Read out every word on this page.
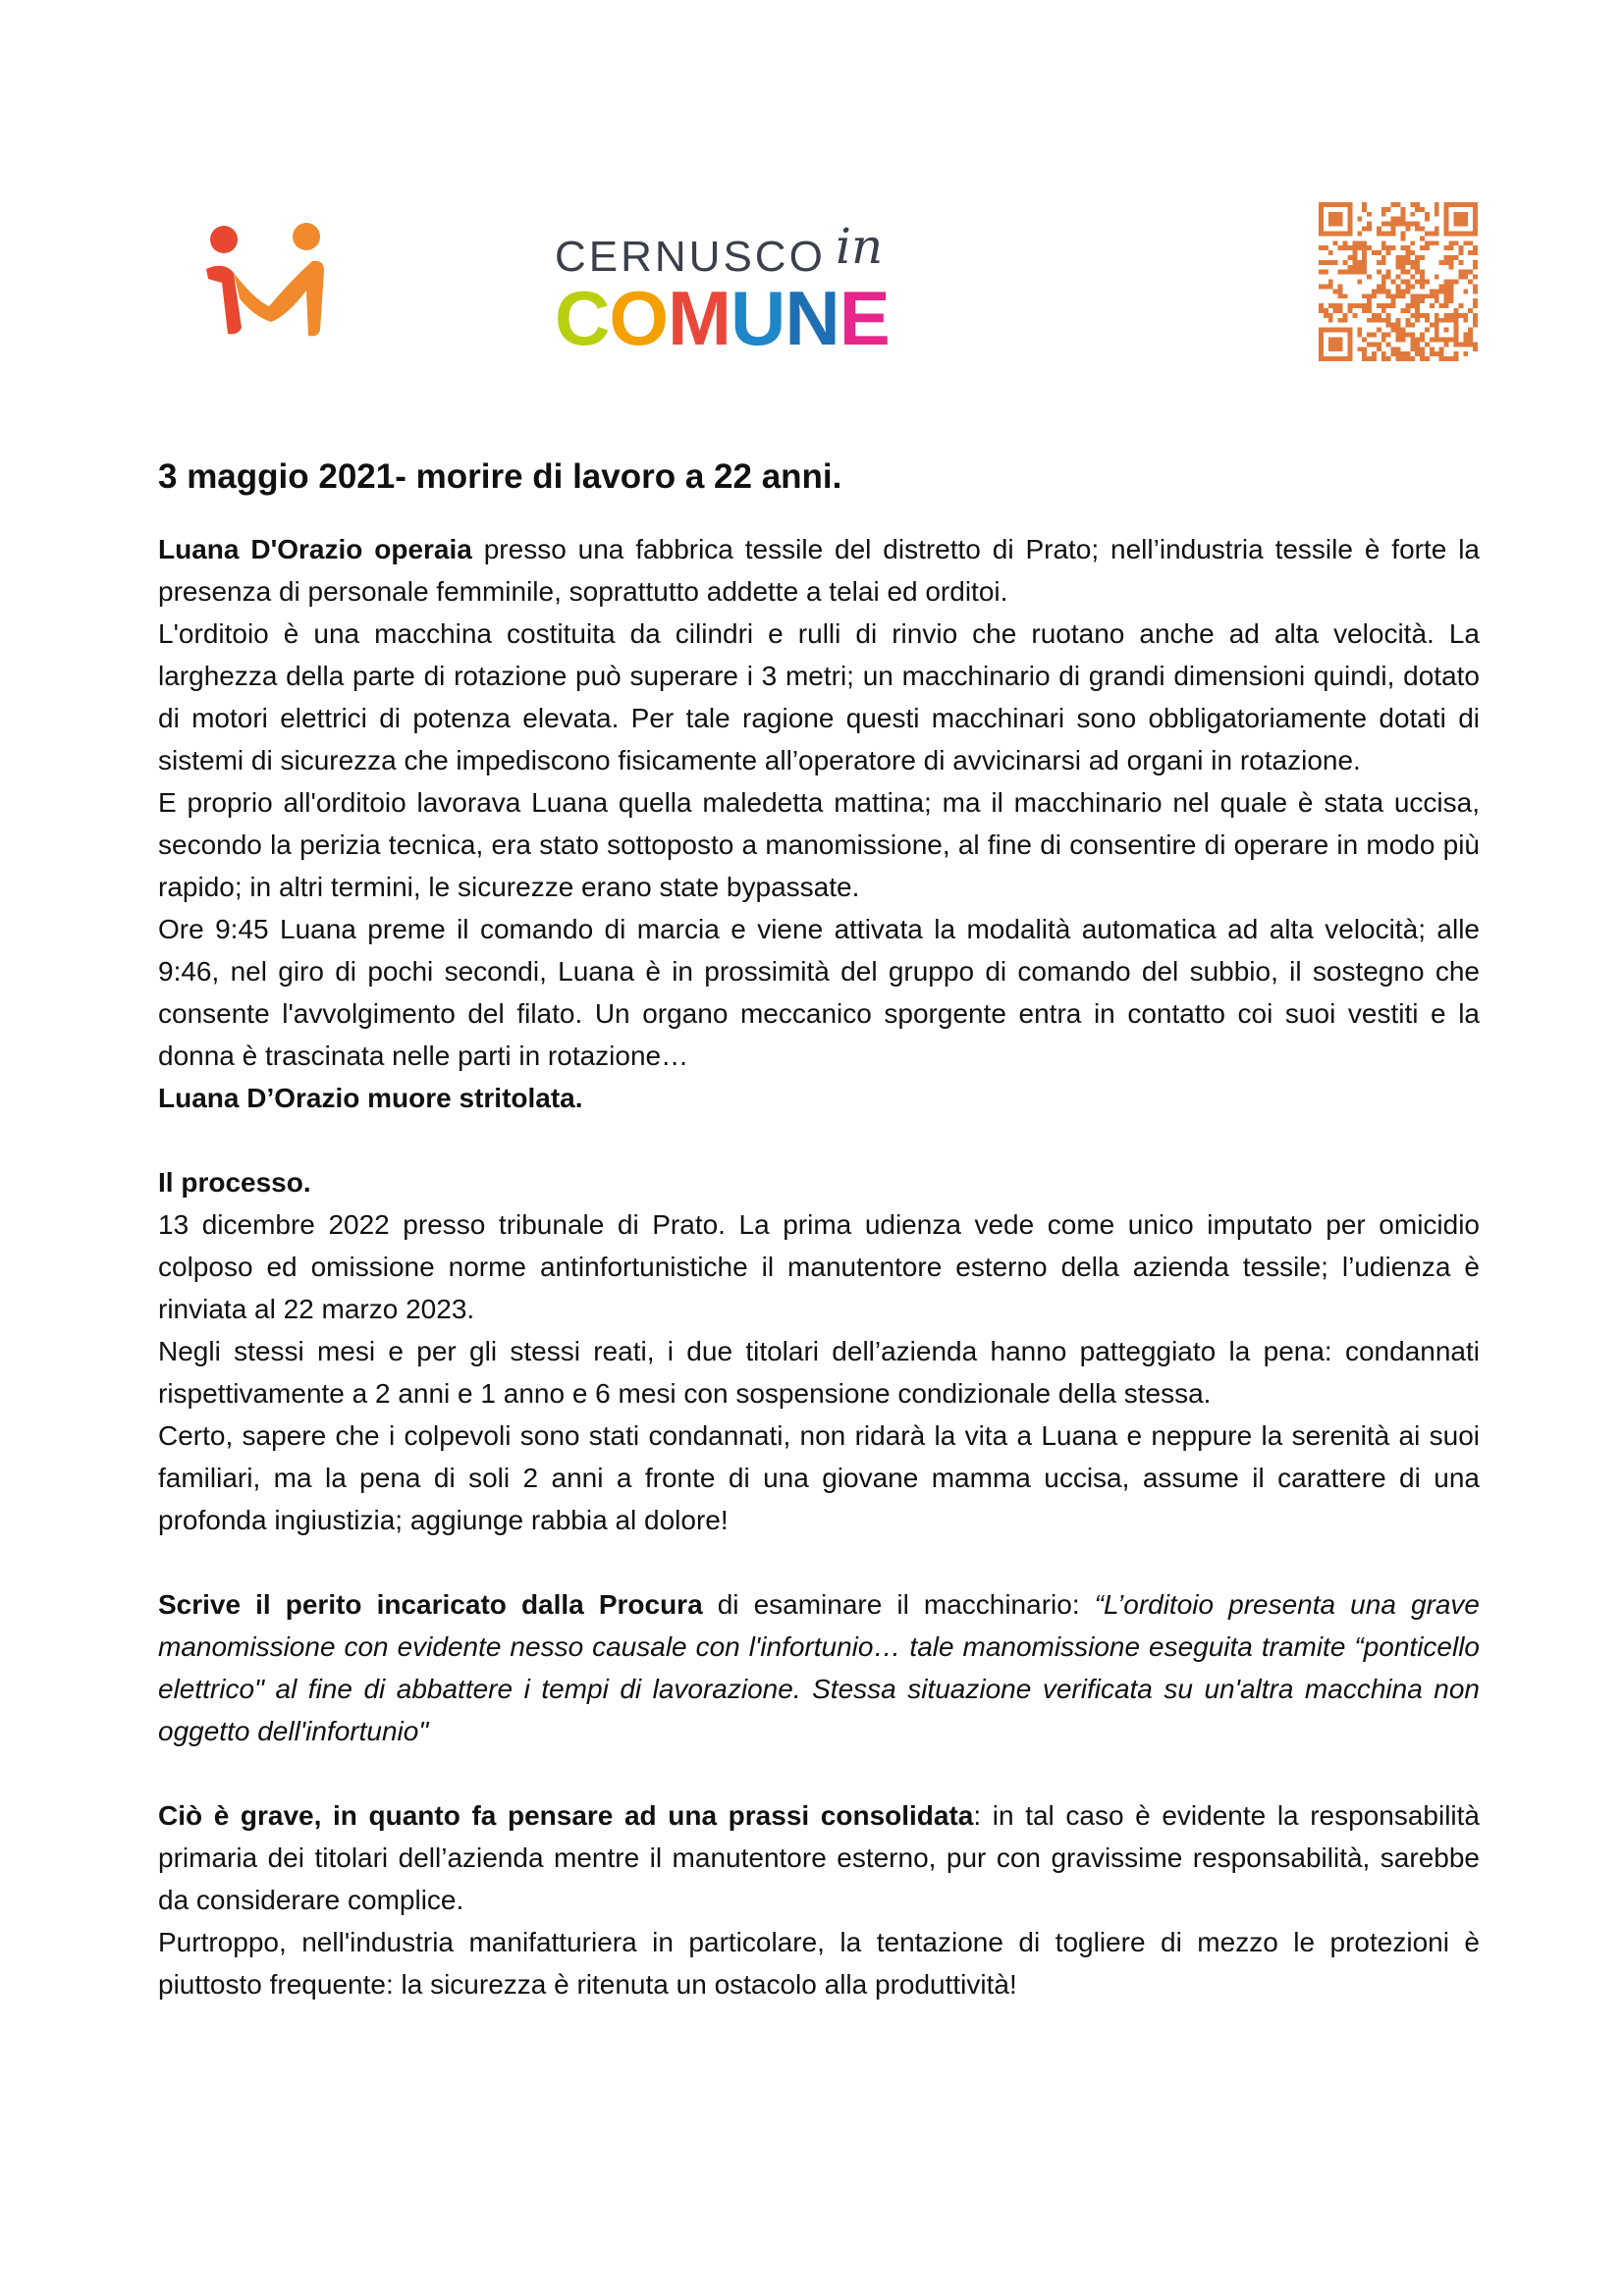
CERNUSCO in
COMUNE
3 maggio 2021- morire di lavoro a 22 anni.

Luana D'Orazio operaia presso una fabbrica tessile del distretto di Prato; nell’industria tessile è forte la presenza di personale femminile, soprattutto addette a telai ed orditoi.

L'orditoio è una macchina costituita da cilindri e rulli di rinvio che ruotano anche ad alta velocità. La larghezza della parte di rotazione può superare i 3 metri; un macchinario di grandi dimensioni quindi, dotato di motori elettrici di potenza elevata. Per tale ragione questi macchinari sono obbligatoriamente dotati di sistemi di sicurezza che impediscono fisicamente all’operatore di avvicinarsi ad organi in rotazione.

E proprio all'orditoio lavorava Luana quella maledetta mattina; ma il macchinario nel quale è stata uccisa, secondo la perizia tecnica, era stato sottoposto a manomissione, al fine di consentire di operare in modo più rapido; in altri termini, le sicurezze erano state bypassate.

Ore 9:45 Luana preme il comando di marcia e viene attivata la modalità automatica ad alta velocità; alle 9:46, nel giro di pochi secondi, Luana è in prossimità del gruppo di comando del subbio, il sostegno che consente l'avvolgimento del filato. Un organo meccanico sporgente entra in contatto coi suoi vestiti e la donna è trascinata nelle parti in rotazione…

Luana D’Orazio muore stritolata.

Il processo.

13 dicembre 2022 presso tribunale di Prato. La prima udienza vede come unico imputato per omicidio colposo ed omissione norme antinfortunistiche il manutentore esterno della azienda tessile; l’udienza è rinviata al 22 marzo 2023.

Negli stessi mesi e per gli stessi reati, i due titolari dell’azienda hanno patteggiato la pena: condannati rispettivamente a 2 anni e 1 anno e 6 mesi con sospensione condizionale della stessa.

Certo, sapere che i colpevoli sono stati condannati, non ridarà la vita a Luana e neppure la serenità ai suoi familiari, ma la pena di soli 2 anni a fronte di una giovane mamma uccisa, assume il carattere di una profonda ingiustizia; aggiunge rabbia al dolore!

Scrive il perito incaricato dalla Procura di esaminare il macchinario: “L’orditoio presenta una grave manomissione con evidente nesso causale con l'infortunio… tale manomissione eseguita tramite “ponticello elettrico" al fine di abbattere i tempi di lavorazione. Stessa situazione verificata su un'altra macchina non oggetto dell'infortunio"

Ciò è grave, in quanto fa pensare ad una prassi consolidata: in tal caso è evidente la responsabilità primaria dei titolari dell’azienda mentre il manutentore esterno, pur con gravissime responsabilità, sarebbe da considerare complice.

Purtroppo, nell'industria manifatturiera in particolare, la tentazione di togliere di mezzo le protezioni è piuttosto frequente: la sicurezza è ritenuta un ostacolo alla produttività!
